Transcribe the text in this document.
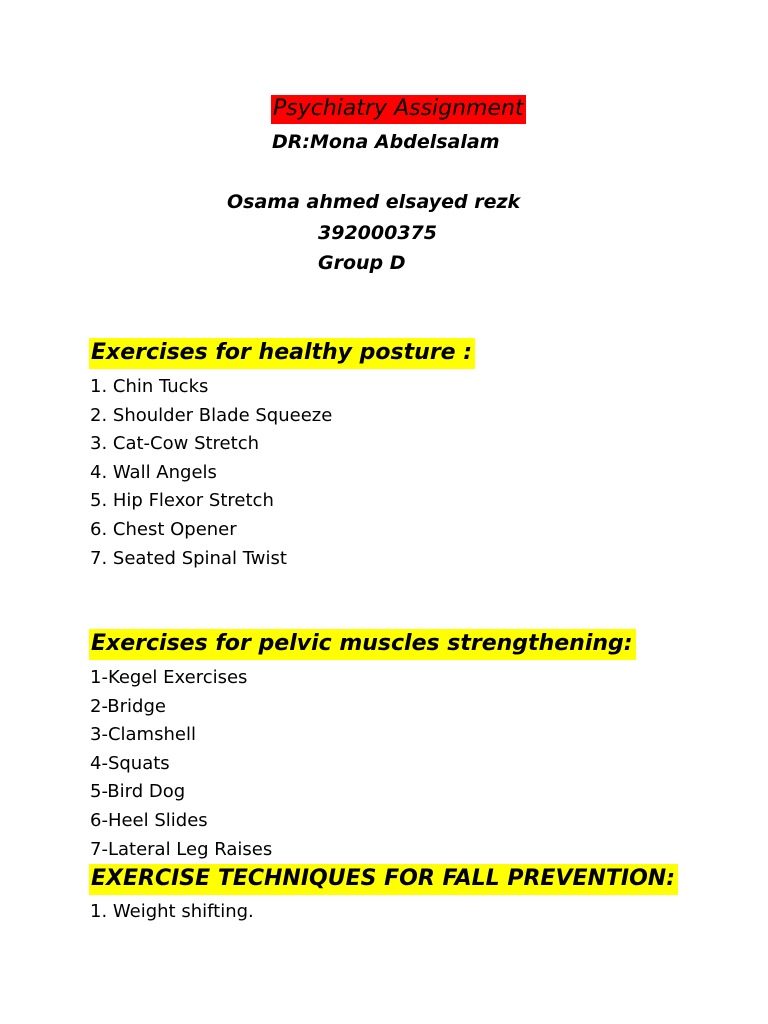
Psychiatry Assignment
DR:Mona Abdelsalam
Osama ahmed elsayed rezk
392000375
Group D
Exercises for healthy posture :
1. Chin Tucks
2. Shoulder Blade Squeeze
3. Cat-Cow Stretch
4. Wall Angels
5. Hip Flexor Stretch
6. Chest Opener
7. Seated Spinal Twist
Exercises for pelvic muscles strengthening:
1-Kegel Exercises
2-Bridge
3-Clamshell
4-Squats
5-Bird Dog
6-Heel Slides
7-Lateral Leg Raises
EXERCISE TECHNIQUES FOR FALL PREVENTION:
1. Weight shifting.
